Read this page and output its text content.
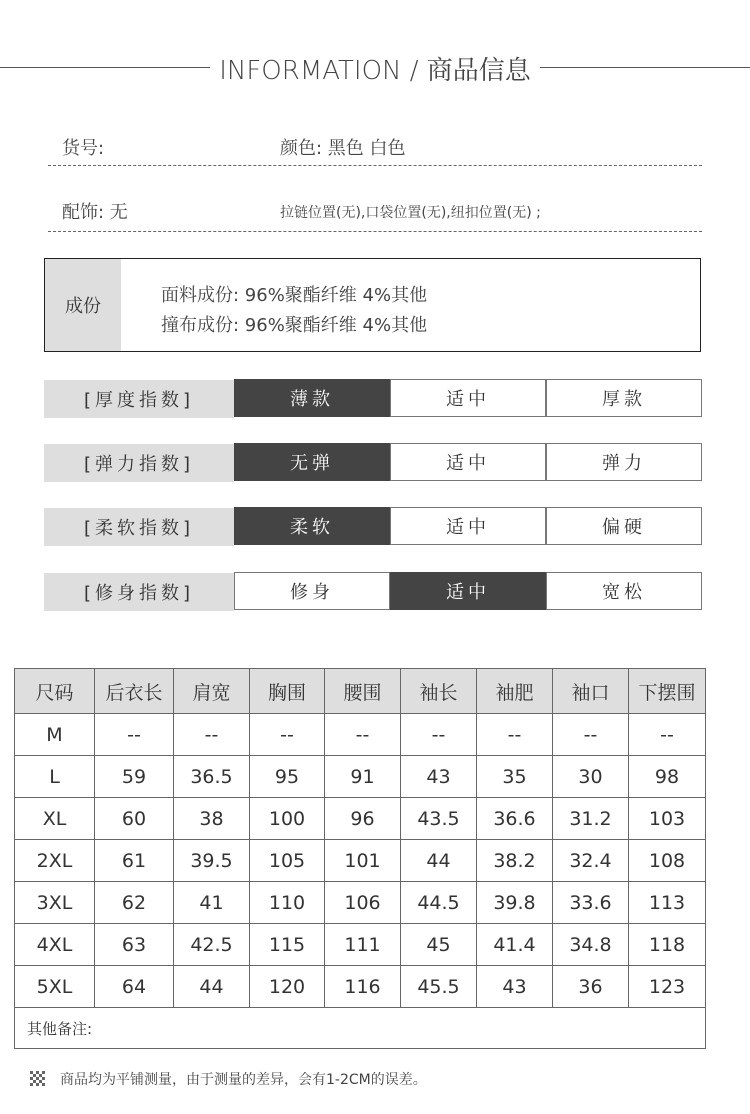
INFORMATION / 商品信息
货号:	颜色: 黑色 白色
配饰: 无	拉链位置(无),口袋位置(无),纽扣位置(无) ;
成份
面料成份: 96%聚酯纤维 4%其他
撞布成份: 96%聚酯纤维 4%其他
[厚度指数]	薄款	适中	厚款
[弹力指数]	无弹	适中	弹力
[柔软指数]	柔软	适中	偏硬
[修身指数]	修身	适中	宽松
尺码	后衣长	肩宽	胸围	腰围	袖长	袖肥	袖口	下摆围
M	--	--	--	--	--	--	--	--
L	59	36.5	95	91	43	35	30	98
XL	60	38	100	96	43.5	36.6	31.2	103
2XL	61	39.5	105	101	44	38.2	32.4	108
3XL	62	41	110	106	44.5	39.8	33.6	113
4XL	63	42.5	115	111	45	41.4	34.8	118
5XL	64	44	120	116	45.5	43	36	123
其他备注:								
商品均为平铺测量，由于测量的差异，会有1-2CM的误差。
